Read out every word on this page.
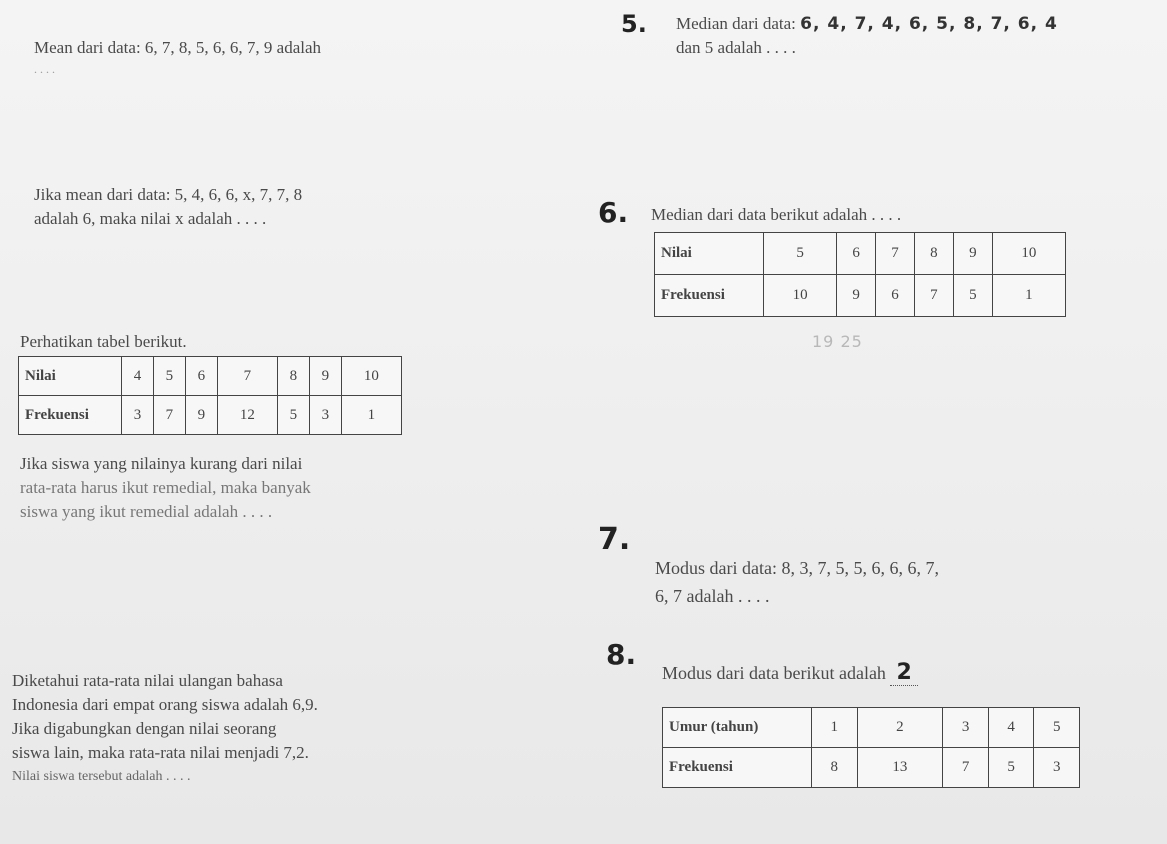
Mean dari data: 6, 7, 8, 5, 6, 6, 7, 9 adalah
. . . .
Jika mean dari data: 5, 4, 6, 6, x, 7, 7, 8
adalah 6, maka nilai x adalah . . . .
Perhatikan tabel berikut.
Nilai	4	5	6	7	8	9	10
Frekuensi	3	7	9	12	5	3	1
Jika siswa yang nilainya kurang dari nilai
rata-rata harus ikut remedial, maka banyak
siswa yang ikut remedial adalah . . . .
Diketahui rata-rata nilai ulangan bahasa
Indonesia dari empat orang siswa adalah 6,9.
Jika digabungkan dengan nilai seorang
siswa lain, maka rata-rata nilai menjadi 7,2.
Nilai siswa tersebut adalah . . . .
5. Median dari data: 6, 4, 7, 4, 6, 5, 8, 7, 6, 4
dan 5 adalah . . . .
6. Median dari data berikut adalah . . . .
Nilai	5	6	7	8	9	10
Frekuensi	10	9	6	7	5	1
19 25
7.
Modus dari data: 8, 3, 7, 5, 5, 6, 6, 6, 7,
6, 7 adalah . . . .
8.
Modus dari data berikut adalah 2
Umur (tahun)	1	2	3	4	5
Frekuensi	8	13	7	5	3
